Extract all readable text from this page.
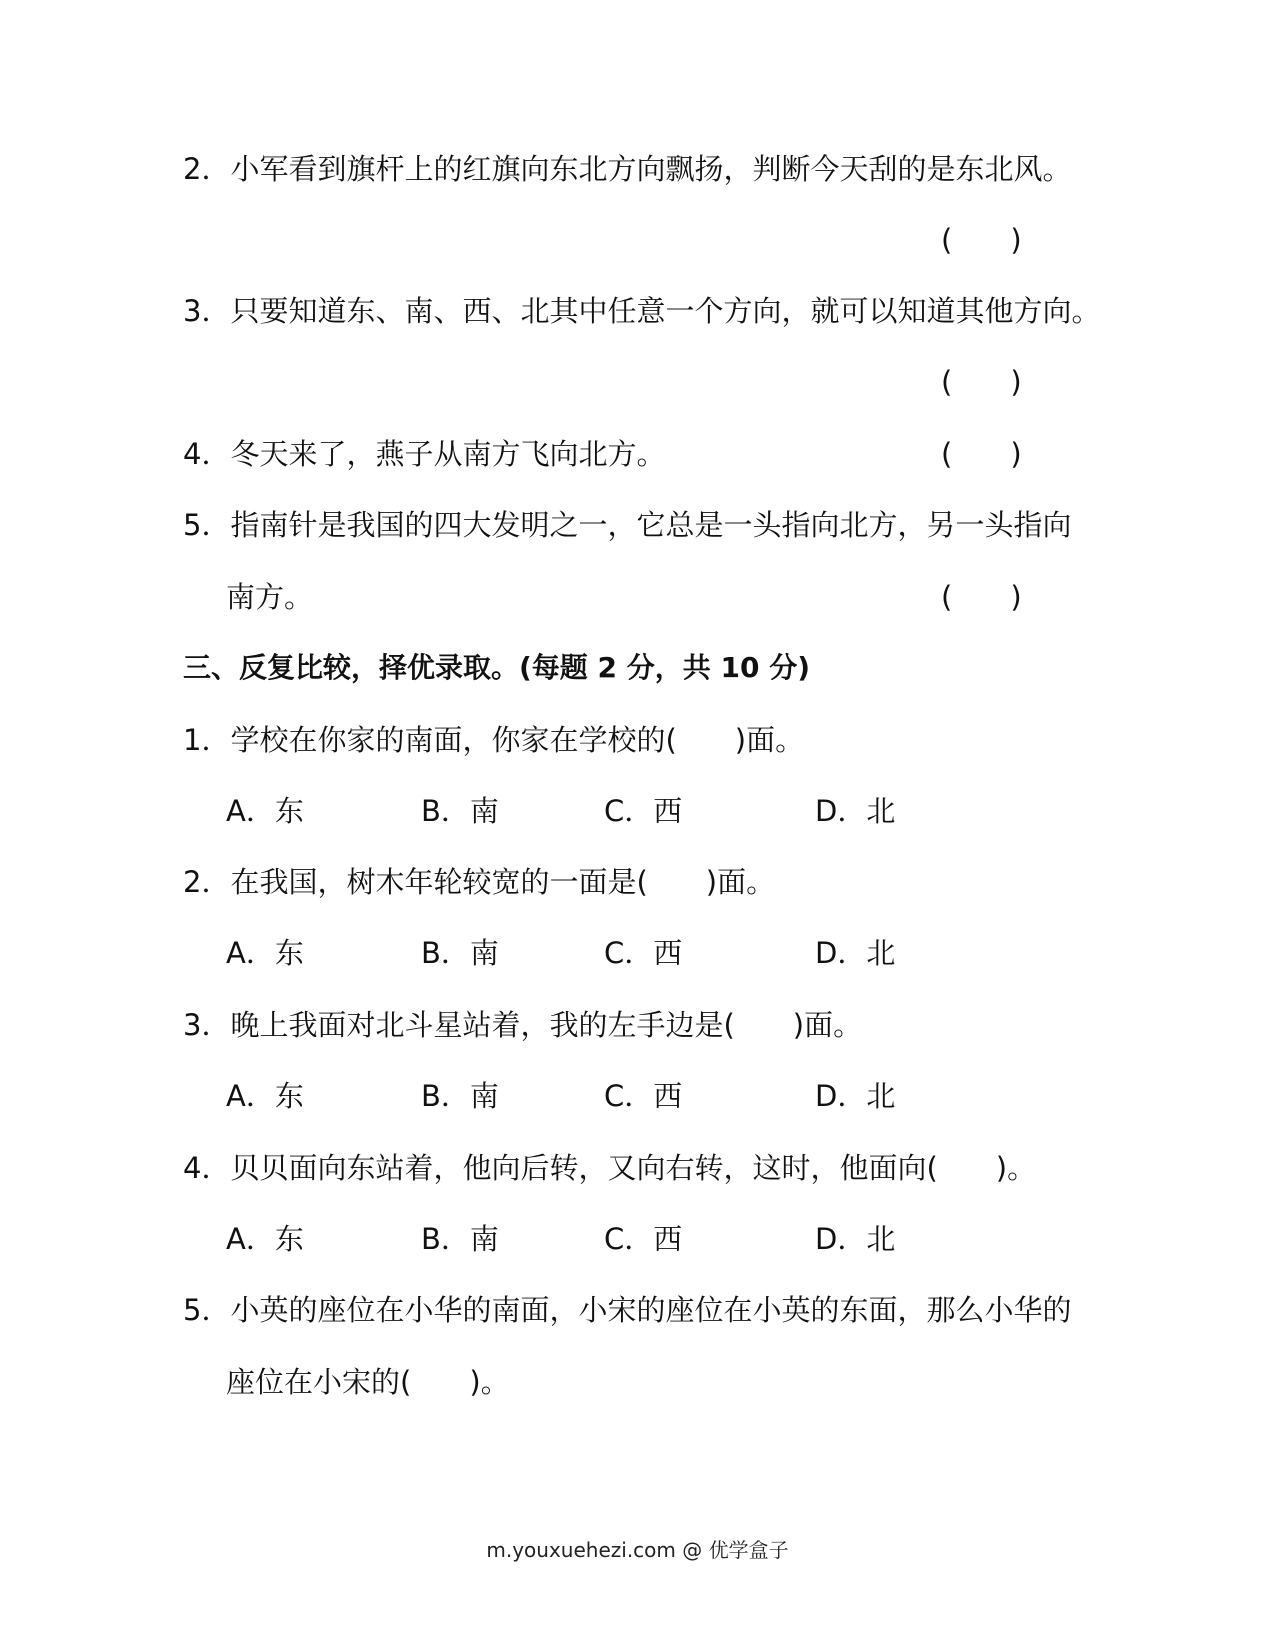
2．小军看到旗杆上的红旗向东北方向飘扬，判断今天刮的是东北风。
(　　)
3．只要知道东、南、西、北其中任意一个方向，就可以知道其他方向。
(　　)
4．冬天来了，燕子从南方飞向北方。	(　　)
5．指南针是我国的四大发明之一，它总是一头指向北方，另一头指向
南方。	(　　)
三、反复比较，择优录取。(每题 2 分，共 10 分)
1．学校在你家的南面，你家在学校的(　　)面。
A．东	B．南	C．西	D．北
2．在我国，树木年轮较宽的一面是(　　)面。
A．东	B．南	C．西	D．北
3．晚上我面对北斗星站着，我的左手边是(　　)面。
A．东	B．南	C．西	D．北
4．贝贝面向东站着，他向后转，又向右转，这时，他面向(　　)。
A．东	B．南	C．西	D．北
5．小英的座位在小华的南面，小宋的座位在小英的东面，那么小华的
座位在小宋的(　　)。
m.youxuehezi.com @ 优学盒子
